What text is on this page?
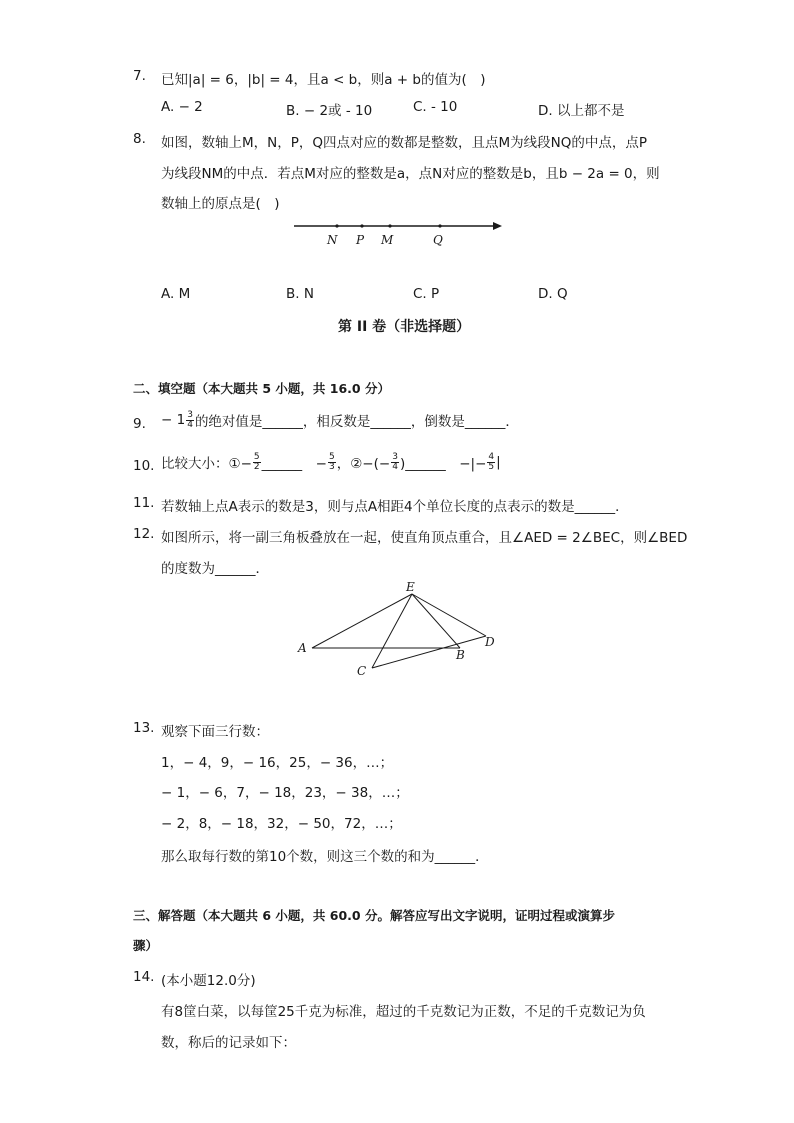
7. 已知|a| = 6，|b| = 4，且a < b，则a + b的值为(　)
A. − 2	B. − 2或 - 10	C. - 10	D. 以上都不是
8. 如图，数轴上M，N，P，Q四点对应的数都是整数，且点M为线段NQ的中点，点P
为线段NM的中点．若点M对应的整数是a，点N对应的整数是b，且b − 2a = 0，则
数轴上的原点是(　)
N P M	Q
A. M	B. N	C. P	D. Q
第 II 卷（非选择题）
二、填空题（本大题共 5 小题，共 16.0 分）
9. − $1 \frac{3}{4}$ 的绝对值是______，相反数是______，倒数是______．
10. 比较大小：①− $\frac{5}{2}$ ______　− $\frac{5}{3}$ ，②−(− $\frac{3}{4}$ )______　−|− $\frac{4}{5}$ |
11. 若数轴上点A表示的数是3，则与点A相距4个单位长度的点表示的数是______．
12. 如图所示，将一副三角板叠放在一起，使直角顶点重合，且∠AED = 2∠BEC，则∠BED
的度数为______．
E
A	B
C
D
13. 观察下面三行数：
1，− 4，9，− 16，25，− 36，…；
− 1，− 6，7，− 18，23，− 38，…；
− 2，8，− 18，32，− 50，72，…；
那么取每行数的第10个数，则这三个数的和为______．
三、解答题（本大题共 6 小题，共 60.0 分。解答应写出文字说明，证明过程或演算步
骤）
14. (本小题12.0分)
有8筐白菜，以每筐25千克为标准，超过的千克数记为正数，不足的千克数记为负
数，称后的记录如下：
